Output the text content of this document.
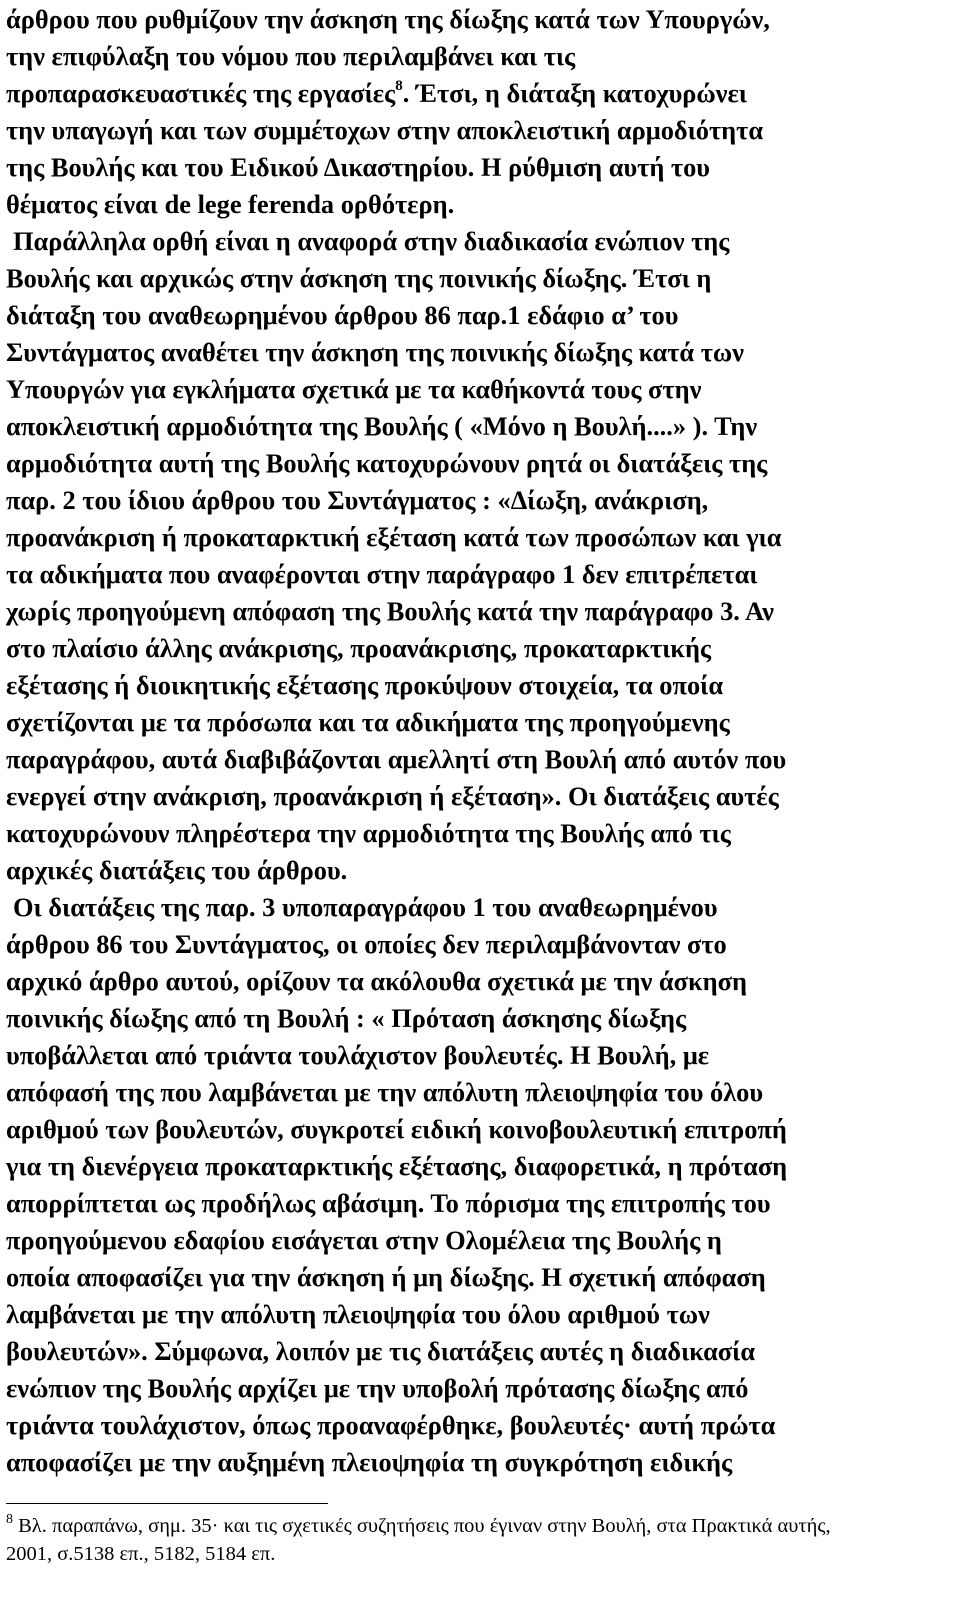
άρθρου που ρυθμίζουν την άσκηση της δίωξης κατά των Υπουργών,
την επιφύλαξη του νόμου που περιλαμβάνει και τις
προπαρασκευαστικές της εργασίες$^8$. Έτσι, η διάταξη κατοχυρώνει
την υπαγωγή και των συμμέτοχων στην αποκλειστική αρμοδιότητα
της Βουλής και του Ειδικού Δικαστηρίου. Η ρύθμιση αυτή του
θέματος είναι de lege ferenda ορθότερη.
Παράλληλα ορθή είναι η αναφορά στην διαδικασία ενώπιον της
Βουλής και αρχικώς στην άσκηση της ποινικής δίωξης. Έτσι η
διάταξη του αναθεωρημένου άρθρου 86 παρ.1 εδάφιο α’ του
Συντάγματος αναθέτει την άσκηση της ποινικής δίωξης κατά των
Υπουργών για εγκλήματα σχετικά με τα καθήκοντά τους στην
αποκλειστική αρμοδιότητα της Βουλής ( «Μόνο η Βουλή....» ). Την
αρμοδιότητα αυτή της Βουλής κατοχυρώνουν ρητά οι διατάξεις της
παρ. 2 του ίδιου άρθρου του Συντάγματος : «Δίωξη, ανάκριση,
προανάκριση ή προκαταρκτική εξέταση κατά των προσώπων και για
τα αδικήματα που αναφέρονται στην παράγραφο 1 δεν επιτρέπεται
χωρίς προηγούμενη απόφαση της Βουλής κατά την παράγραφο 3. Αν
στο πλαίσιο άλλης ανάκρισης, προανάκρισης, προκαταρκτικής
εξέτασης ή διοικητικής εξέτασης προκύψουν στοιχεία, τα οποία
σχετίζονται με τα πρόσωπα και τα αδικήματα της προηγούμενης
παραγράφου, αυτά διαβιβάζονται αμελλητί στη Βουλή από αυτόν που
ενεργεί στην ανάκριση, προανάκριση ή εξέταση». Οι διατάξεις αυτές
κατοχυρώνουν πληρέστερα την αρμοδιότητα της Βουλής από τις
αρχικές διατάξεις του άρθρου.
Οι διατάξεις της παρ. 3 υποπαραγράφου 1 του αναθεωρημένου
άρθρου 86 του Συντάγματος, οι οποίες δεν περιλαμβάνονταν στο
αρχικό άρθρο αυτού, ορίζουν τα ακόλουθα σχετικά με την άσκηση
ποινικής δίωξης από τη Βουλή : « Πρόταση άσκησης δίωξης
υποβάλλεται από τριάντα τουλάχιστον βουλευτές. Η Βουλή, με
απόφασή της που λαμβάνεται με την απόλυτη πλειοψηφία του όλου
αριθμού των βουλευτών, συγκροτεί ειδική κοινοβουλευτική επιτροπή
για τη διενέργεια προκαταρκτικής εξέτασης, διαφορετικά, η πρόταση
απορρίπτεται ως προδήλως αβάσιμη. Το πόρισμα της επιτροπής του
προηγούμενου εδαφίου εισάγεται στην Ολομέλεια της Βουλής η
οποία αποφασίζει για την άσκηση ή μη δίωξης. Η σχετική απόφαση
λαμβάνεται με την απόλυτη πλειοψηφία του όλου αριθμού των
βουλευτών». Σύμφωνα, λοιπόν με τις διατάξεις αυτές η διαδικασία
ενώπιον της Βουλής αρχίζει με την υποβολή πρότασης δίωξης από
τριάντα τουλάχιστον, όπως προαναφέρθηκε, βουλευτές· αυτή πρώτα
αποφασίζει με την αυξημένη πλειοψηφία τη συγκρότηση ειδικής
$^8$ Βλ. παραπάνω, σημ. 35· και τις σχετικές συζητήσεις που έγιναν στην Βουλή, στα Πρακτικά αυτής,
2001, σ.5138 επ., 5182, 5184 επ.
